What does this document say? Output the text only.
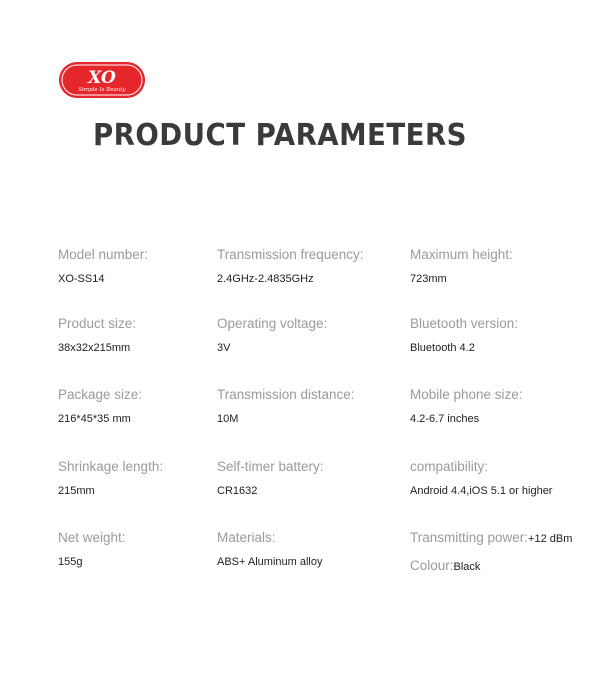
XO
Simple Is Beauty
PRODUCT PARAMETERS
Model number:
XO-SS14
Transmission frequency:
2.4GHz-2.4835GHz
Maximum height:
723mm
Product size:
38x32x215mm
Operating voltage:
3V
Bluetooth version:
Bluetooth 4.2
Package size:
216*45*35 mm
Transmission distance:
10M
Mobile phone size:
4.2-6.7 inches
Shrinkage length:
215mm
Self-timer battery:
CR1632
compatibility:
Android 4.4,iOS 5.1 or higher
Net weight:
155g
Materials:
ABS+ Aluminum alloy
Transmitting power:+12 dBm
Colour:Black
